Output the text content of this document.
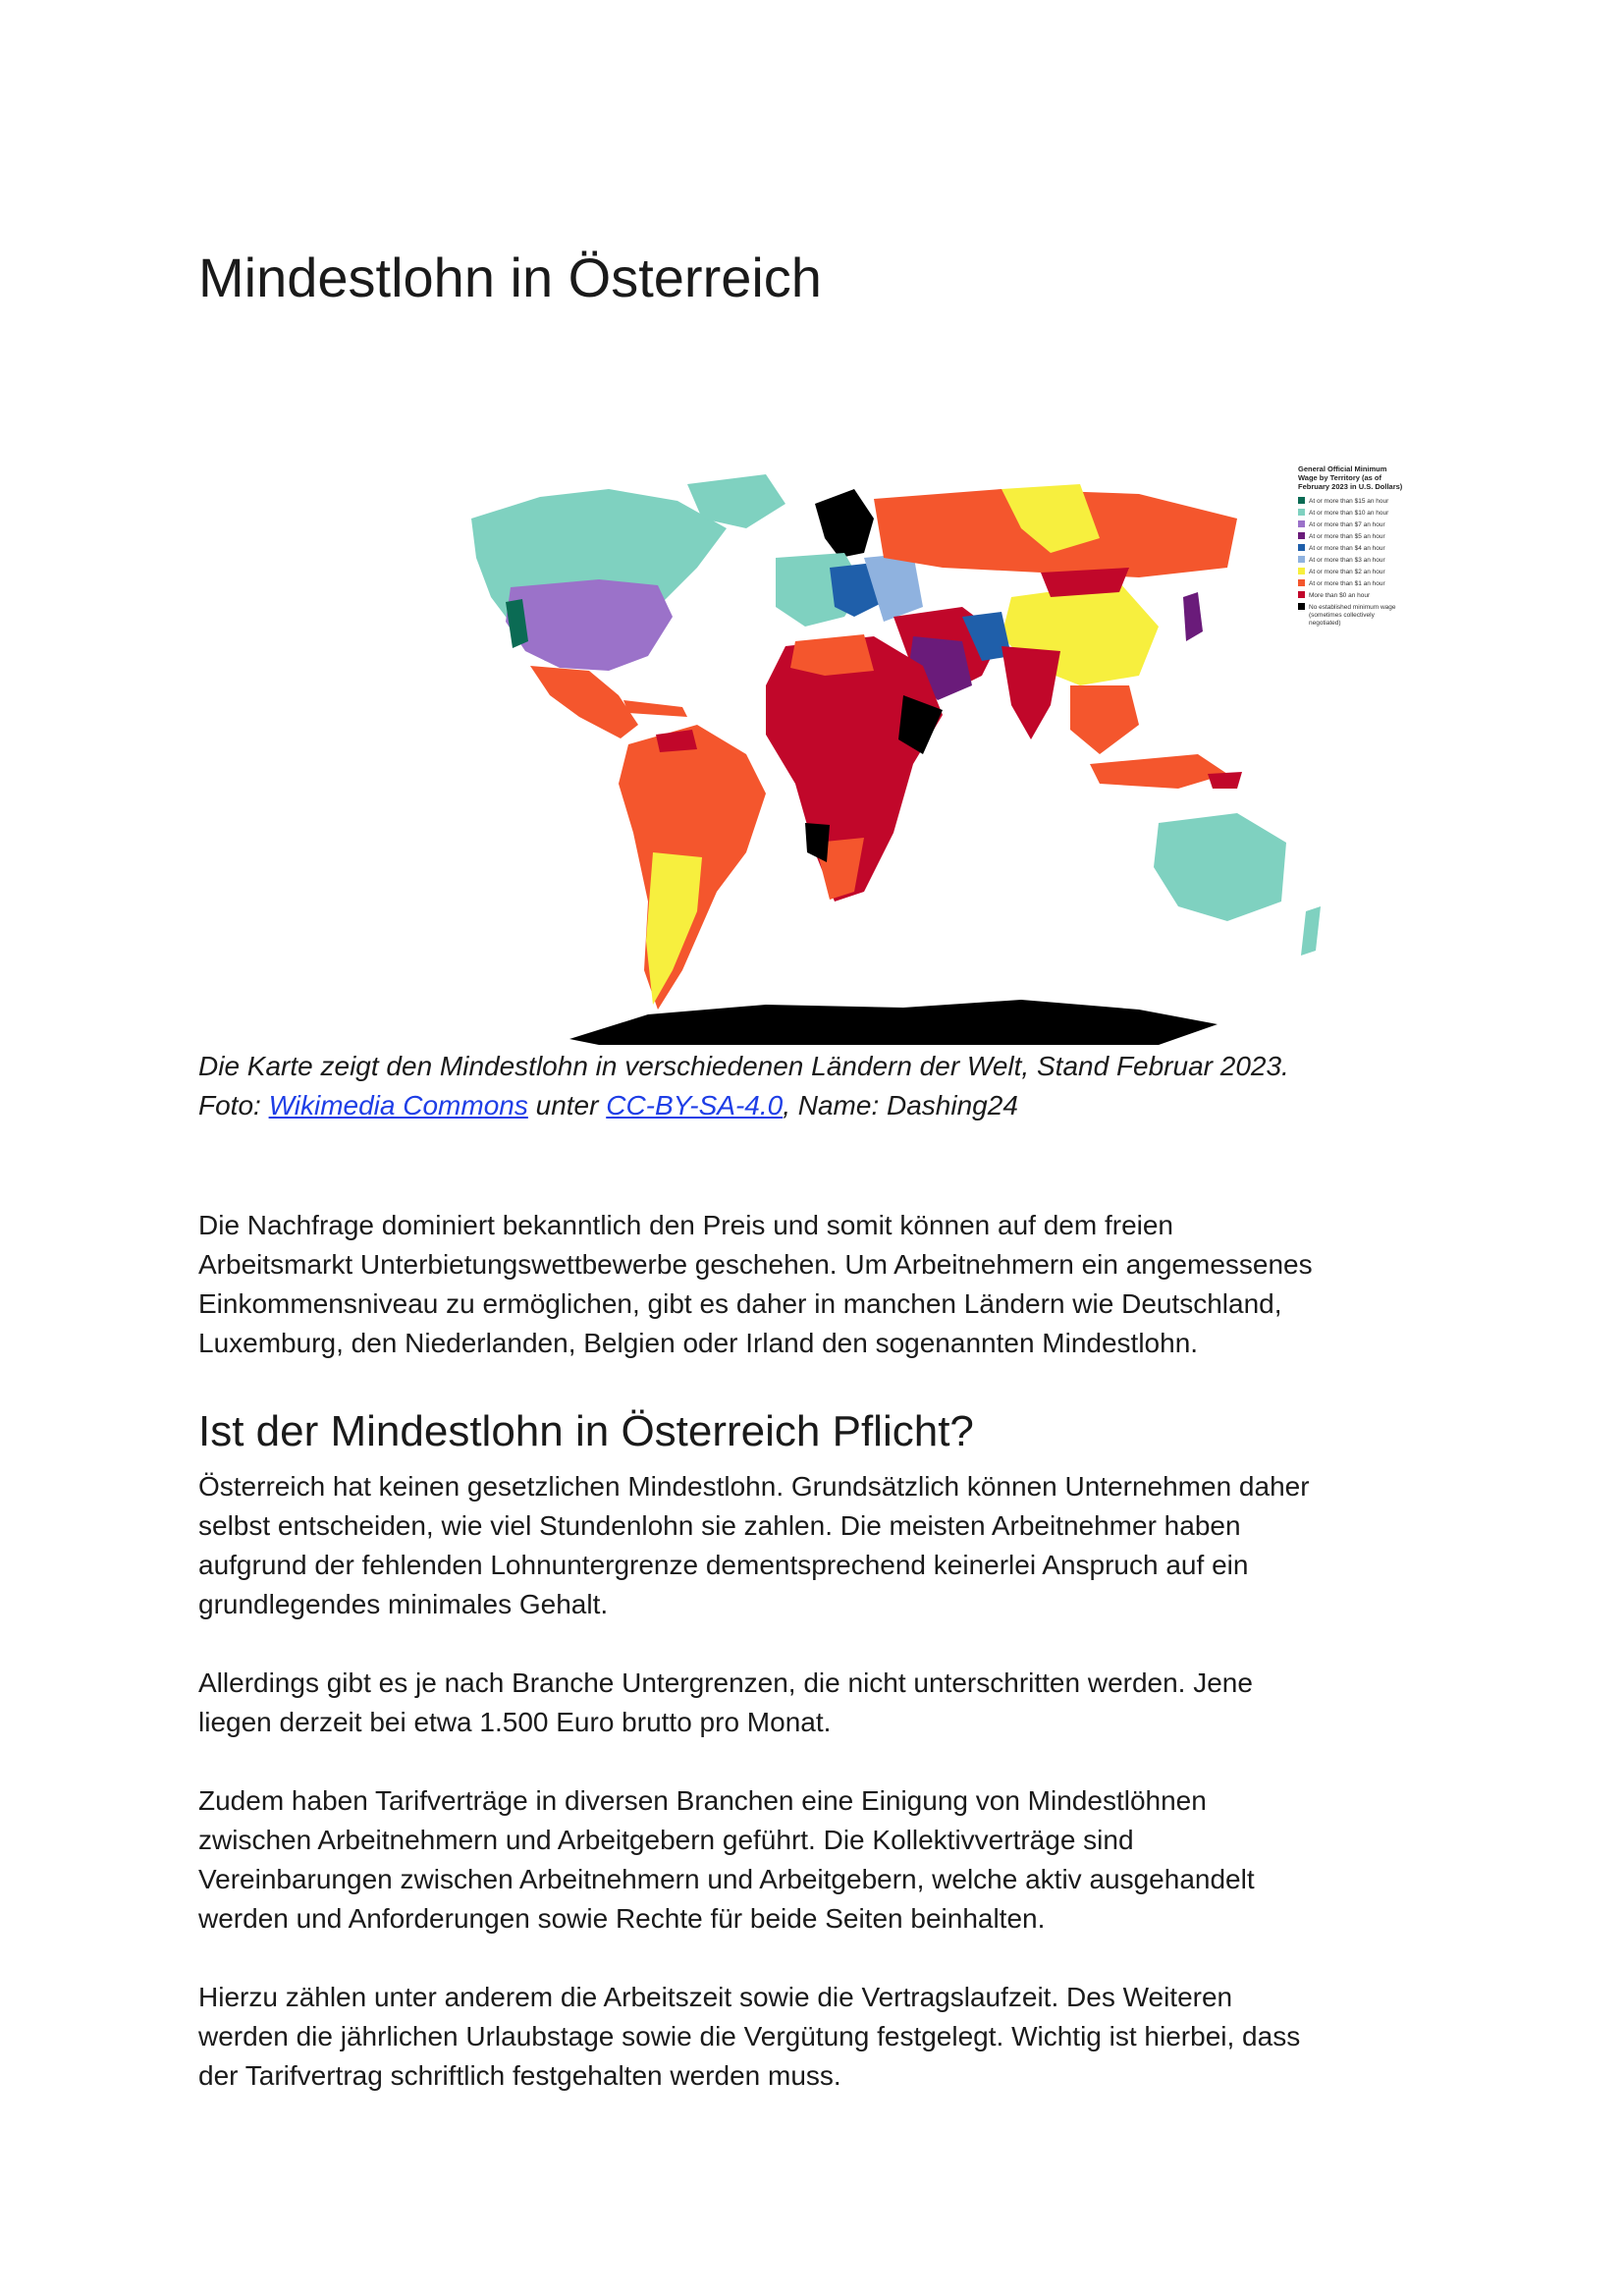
Mindestlohn in Österreich
General Official Minimum
Wage by Territory (as of
February 2023 in U.S. Dollars)
At or more than $15 an hour
At or more than $10 an hour
At or more than $7 an hour
At or more than $5 an hour
At or more than $4 an hour
At or more than $3 an hour
At or more than $2 an hour
At or more than $1 an hour
More than $0 an hour
No established minimum wage
(sometimes collectively
negotiated)

Die Karte zeigt den Mindestlohn in verschiedenen Ländern der Welt, Stand Februar 2023.
Foto: Wikimedia Commons unter CC-BY-SA-4.0, Name: Dashing24

Die Nachfrage dominiert bekanntlich den Preis und somit können auf dem freien
Arbeitsmarkt Unterbietungswettbewerbe geschehen. Um Arbeitnehmern ein angemessenes
Einkommensniveau zu ermöglichen, gibt es daher in manchen Ländern wie Deutschland,
Luxemburg, den Niederlanden, Belgien oder Irland den sogenannten Mindestlohn.

Ist der Mindestlohn in Österreich Pflicht?

Österreich hat keinen gesetzlichen Mindestlohn. Grundsätzlich können Unternehmen daher
selbst entscheiden, wie viel Stundenlohn sie zahlen. Die meisten Arbeitnehmer haben
aufgrund der fehlenden Lohnuntergrenze dementsprechend keinerlei Anspruch auf ein
grundlegendes minimales Gehalt.

Allerdings gibt es je nach Branche Untergrenzen, die nicht unterschritten werden. Jene
liegen derzeit bei etwa 1.500 Euro brutto pro Monat.

Zudem haben Tarifverträge in diversen Branchen eine Einigung von Mindestlöhnen
zwischen Arbeitnehmern und Arbeitgebern geführt. Die Kollektivverträge sind
Vereinbarungen zwischen Arbeitnehmern und Arbeitgebern, welche aktiv ausgehandelt
werden und Anforderungen sowie Rechte für beide Seiten beinhalten.

Hierzu zählen unter anderem die Arbeitszeit sowie die Vertragslaufzeit. Des Weiteren
werden die jährlichen Urlaubstage sowie die Vergütung festgelegt. Wichtig ist hierbei, dass
der Tarifvertrag schriftlich festgehalten werden muss.
